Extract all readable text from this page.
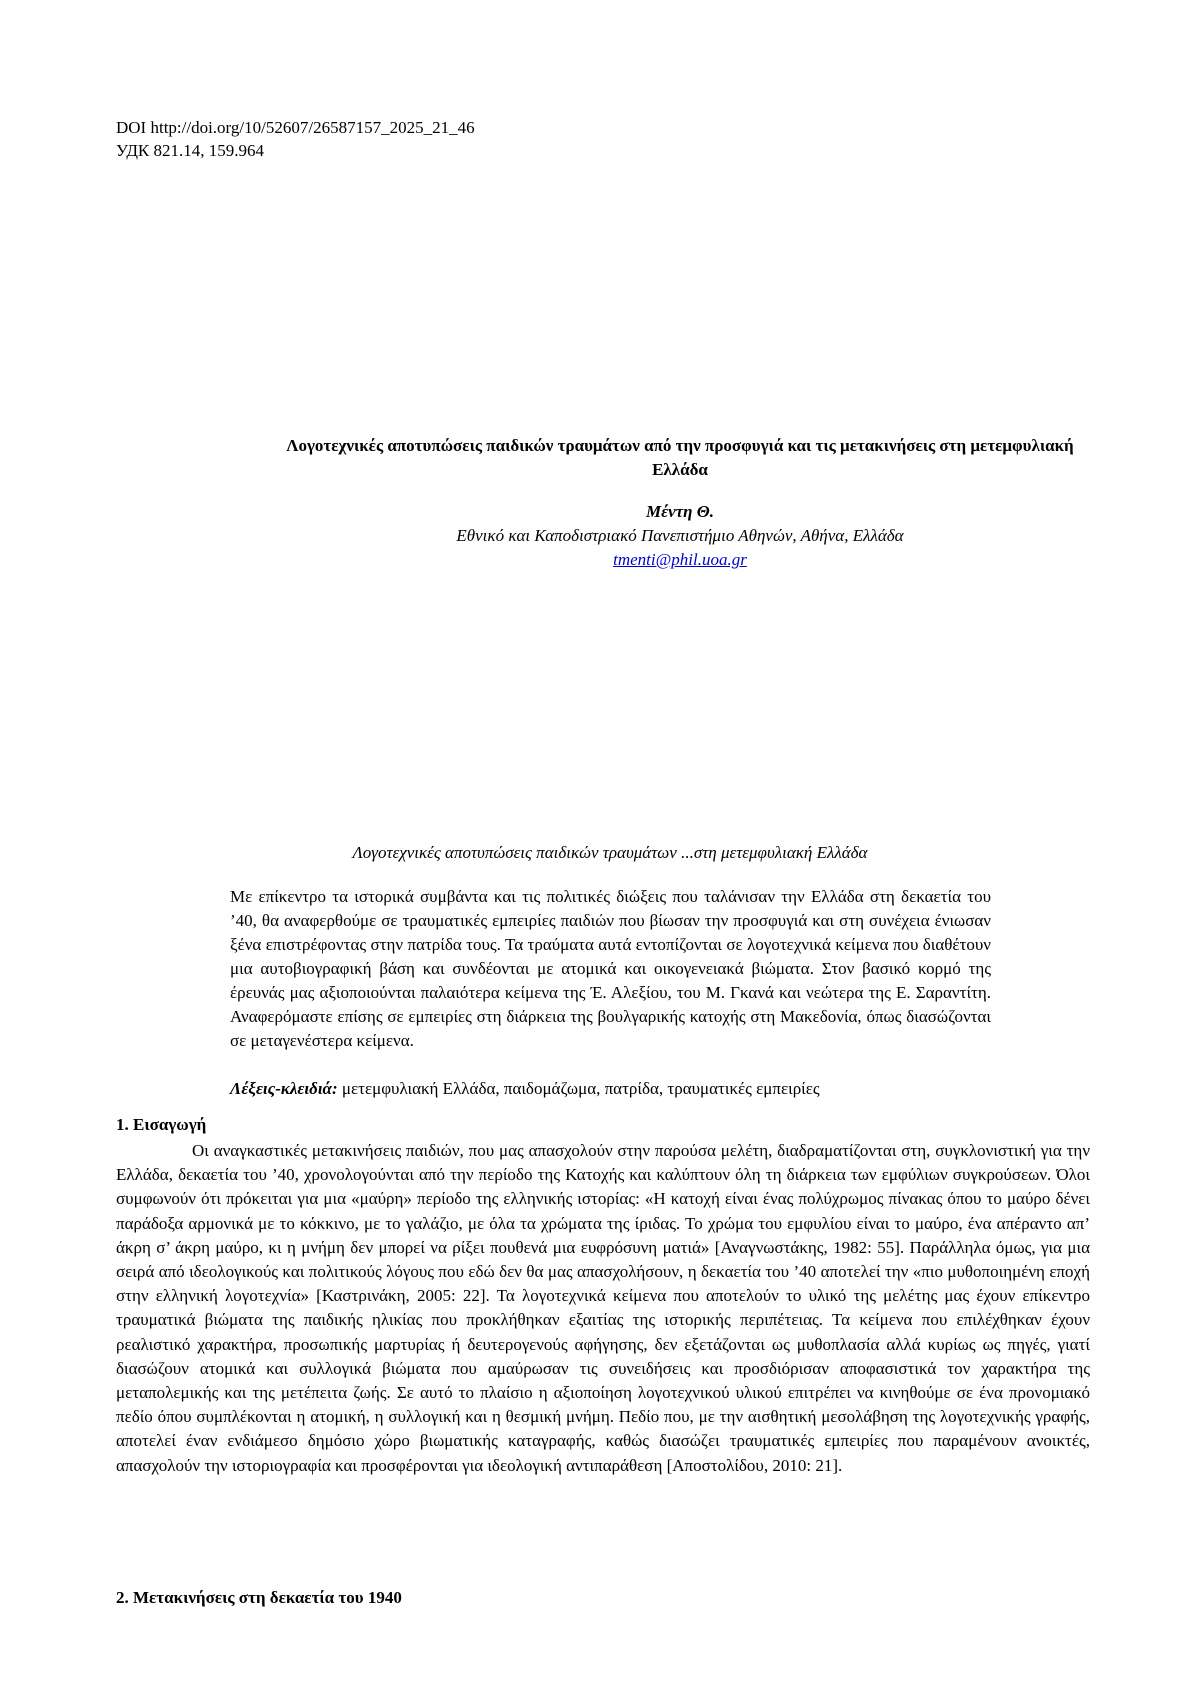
DOI http://doi.org/10/52607/26587157_2025_21_46
УДК 821.14, 159.964
Λογοτεχνικές αποτυπώσεις παιδικών τραυμάτων από την προσφυγιά και τις μετακινήσεις στη μετεμφυλιακή Ελλάδα
Μέντη Θ.
Εθνικό και Καποδιστριακό Πανεπιστήμιο Αθηνών, Αθήνα, Ελλάδα
tmenti@phil.uoa.gr
Λογοτεχνικές αποτυπώσεις παιδικών τραυμάτων ...στη μετεμφυλιακή Ελλάδα

Με επίκεντρο τα ιστορικά συμβάντα και τις πολιτικές διώξεις που ταλάνισαν την Ελλάδα στη δεκαετία του ’40, θα αναφερθούμε σε τραυματικές εμπειρίες παιδιών που βίωσαν την προσφυγιά και στη συνέχεια ένιωσαν ξένα επιστρέφοντας στην πατρίδα τους. Τα τραύματα αυτά εντοπίζονται σε λογοτεχνικά κείμενα που διαθέτουν μια αυτοβιογραφική βάση και συνδέονται με ατομικά και οικογενειακά βιώματα. Στον βασικό κορμό της έρευνάς μας αξιοποιούνται παλαιότερα κείμενα της Έ. Αλεξίου, του Μ. Γκανά και νεώτερα της Ε. Σαραντίτη. Αναφερόμαστε επίσης σε εμπειρίες στη διάρκεια της βουλγαρικής κατοχής στη Μακεδονία, όπως διασώζονται σε μεταγενέστερα κείμενα.

Λέξεις-κλειδιά: μετεμφυλιακή Ελλάδα, παιδομάζωμα, πατρίδα, τραυματικές εμπειρίες
1. Εισαγωγή

Οι αναγκαστικές μετακινήσεις παιδιών, που μας απασχολούν στην παρούσα μελέτη, διαδραματίζονται στη, συγκλονιστική για την Ελλάδα, δεκαετία του ’40, χρονολογούνται από την περίοδο της Κατοχής και καλύπτουν όλη τη διάρκεια των εμφύλιων συγκρούσεων. Όλοι συμφωνούν ότι πρόκειται για μια «μαύρη» περίοδο της ελληνικής ιστορίας: «Η κατοχή είναι ένας πολύχρωμος πίνακας όπου το μαύρο δένει παράδοξα αρμονικά με το κόκκινο, με το γαλάζιο, με όλα τα χρώματα της ίριδας. Το χρώμα του εμφυλίου είναι το μαύρο, ένα απέραντο απ’ άκρη σ’ άκρη μαύρο, κι η μνήμη δεν μπορεί να ρίξει πουθενά μια ευφρόσυνη ματιά» [Αναγνωστάκης, 1982: 55]. Παράλληλα όμως, για μια σειρά από ιδεολογικούς και πολιτικούς λόγους που εδώ δεν θα μας απασχολήσουν, η δεκαετία του ’40 αποτελεί την «πιο μυθοποιημένη εποχή στην ελληνική λογοτεχνία» [Καστρινάκη, 2005: 22]. Τα λογοτεχνικά κείμενα που αποτελούν το υλικό της μελέτης μας έχουν επίκεντρο τραυματικά βιώματα της παιδικής ηλικίας που προκλήθηκαν εξαιτίας της ιστορικής περιπέτειας. Τα κείμενα που επιλέχθηκαν έχουν ρεαλιστικό χαρακτήρα, προσωπικής μαρτυρίας ή δευτερογενούς αφήγησης, δεν εξετάζονται ως μυθοπλασία αλλά κυρίως ως πηγές, γιατί διασώζουν ατομικά και συλλογικά βιώματα που αμαύρωσαν τις συνειδήσεις και προσδιόρισαν αποφασιστικά τον χαρακτήρα της μεταπολεμικής και της μετέπειτα ζωής. Σε αυτό το πλαίσιο η αξιοποίηση λογοτεχνικού υλικού επιτρέπει να κινηθούμε σε ένα προνομιακό πεδίο όπου συμπλέκονται η ατομική, η συλλογική και η θεσμική μνήμη. Πεδίο που, με την αισθητική μεσολάβηση της λογοτεχνικής γραφής, αποτελεί έναν ενδιάμεσο δημόσιο χώρο βιωματικής καταγραφής, καθώς διασώζει τραυματικές εμπειρίες που παραμένουν ανοικτές, απασχολούν την ιστοριογραφία και προσφέρονται για ιδεολογική αντιπαράθεση [Αποστολίδου, 2010: 21].

2. Μετακινήσεις στη δεκαετία του 1940
